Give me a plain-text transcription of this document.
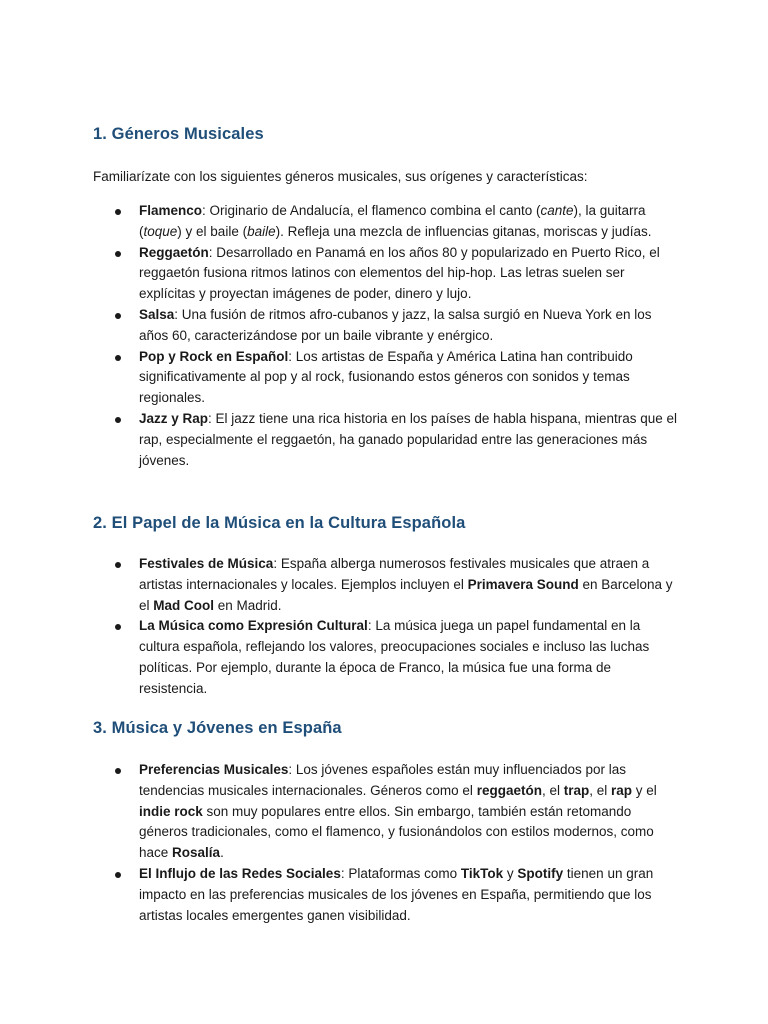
1. Géneros Musicales

Familiarízate con los siguientes géneros musicales, sus orígenes y características:

Flamenco: Originario de Andalucía, el flamenco combina el canto (cante), la guitarra (toque) y el baile (baile). Refleja una mezcla de influencias gitanas, moriscas y judías.
Reggaetón: Desarrollado en Panamá en los años 80 y popularizado en Puerto Rico, el reggaetón fusiona ritmos latinos con elementos del hip-hop. Las letras suelen ser explícitas y proyectan imágenes de poder, dinero y lujo.
Salsa: Una fusión de ritmos afro-cubanos y jazz, la salsa surgió en Nueva York en los años 60, caracterizándose por un baile vibrante y enérgico.
Pop y Rock en Español: Los artistas de España y América Latina han contribuido significativamente al pop y al rock, fusionando estos géneros con sonidos y temas regionales.
Jazz y Rap: El jazz tiene una rica historia en los países de habla hispana, mientras que el rap, especialmente el reggaetón, ha ganado popularidad entre las generaciones más jóvenes.
2. El Papel de la Música en la Cultura Española
Festivales de Música: España alberga numerosos festivales musicales que atraen a artistas internacionales y locales. Ejemplos incluyen el Primavera Sound en Barcelona y el Mad Cool en Madrid.
La Música como Expresión Cultural: La música juega un papel fundamental en la cultura española, reflejando los valores, preocupaciones sociales e incluso las luchas políticas. Por ejemplo, durante la época de Franco, la música fue una forma de resistencia.
3. Música y Jóvenes en España
Preferencias Musicales: Los jóvenes españoles están muy influenciados por las tendencias musicales internacionales. Géneros como el reggaetón, el trap, el rap y el indie rock son muy populares entre ellos. Sin embargo, también están retomando géneros tradicionales, como el flamenco, y fusionándolos con estilos modernos, como hace Rosalía.
El Influjo de las Redes Sociales: Plataformas como TikTok y Spotify tienen un gran impacto en las preferencias musicales de los jóvenes en España, permitiendo que los artistas locales emergentes ganen visibilidad.
